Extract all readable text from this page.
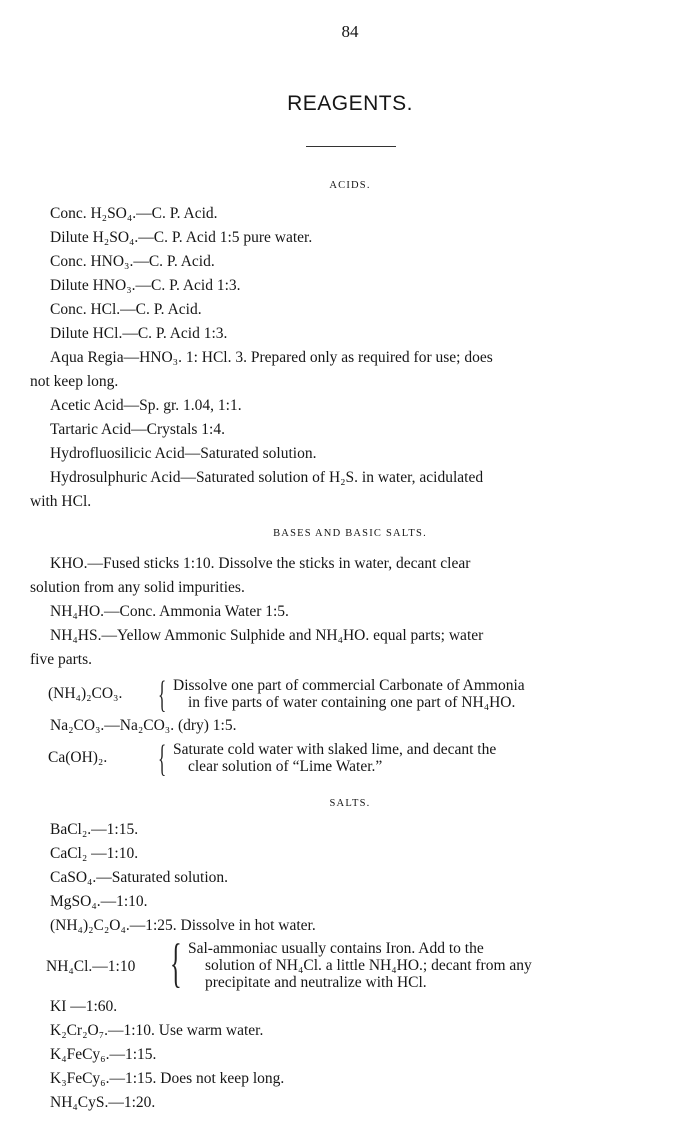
84
REAGENTS.
ACIDS.
Conc. H₂SO₄.—C. P. Acid.
Dilute H₂SO₄.—C. P. Acid 1:5 pure water.
Conc. HNO₃.—C. P. Acid.
Dilute HNO₃.—C. P. Acid 1:3.
Conc. HCl.—C. P. Acid.
Dilute HCl.—C. P. Acid 1:3.
Aqua Regia—HNO₃. 1: HCl. 3. Prepared only as required for use; does
not keep long.
Acetic Acid—Sp. gr. 1.04, 1:1.
Tartaric Acid—Crystals 1:4.
Hydrofluosilicic Acid—Saturated solution.
Hydrosulphuric Acid—Saturated solution of H₂S. in water, acidulated
with HCl.
BASES AND BASIC SALTS.
KHO.—Fused sticks 1:10. Dissolve the sticks in water, decant clear
solution from any solid impurities.
NH₄HO.—Conc. Ammonia Water 1:5.
NH₄HS.—Yellow Ammonic Sulphide and NH₄HO. equal parts; water
five parts.
(NH₄)₂CO₃. { Dissolve one part of commercial Carbonate of Ammonia
in five parts of water containing one part of NH₄HO.
Na₂CO₃.—Na₂CO₃. (dry) 1:5.
Ca(OH)₂. { Saturate cold water with slaked lime, and decant the
clear solution of “Lime Water.”
SALTS.
BaCl₂.—1:15.
CaCl₂ —1:10.
CaSO₄.—Saturated solution.
MgSO₄.—1:10.
(NH₄)₂C₂O₄.—1:25. Dissolve in hot water.
NH₄Cl.—1:10 { Sal-ammoniac usually contains Iron. Add to the
solution of NH₄Cl. a little NH₄HO.; decant from any
precipitate and neutralize with HCl.
KI —1:60.
K₂Cr₂O₇.—1:10. Use warm water.
K₄FeCy₆.—1:15.
K₃FeCy₆.—1:15. Does not keep long.
NH₄CyS.—1:20.
